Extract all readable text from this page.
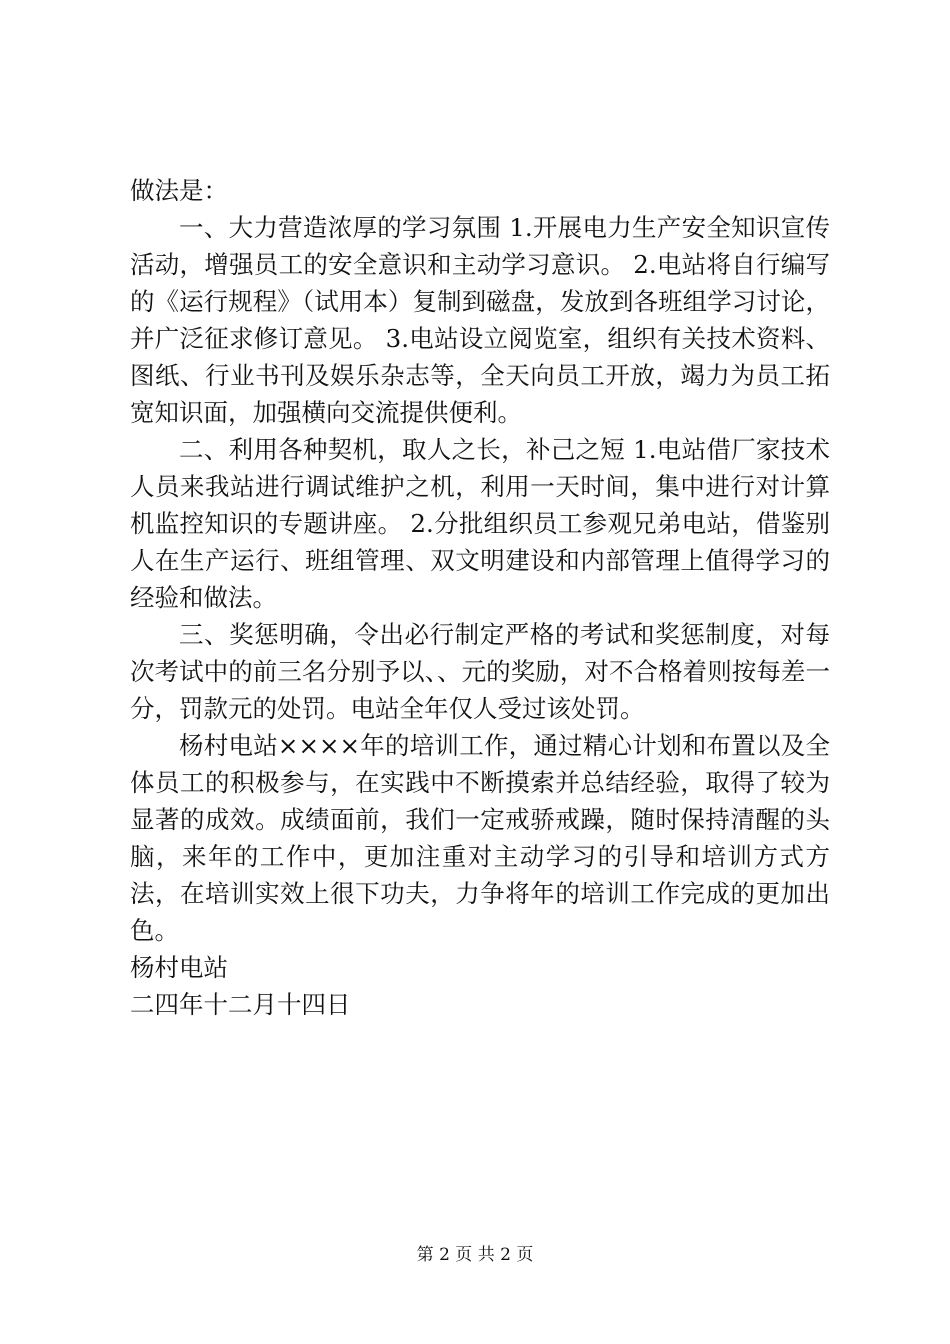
做法是：

一、大力营造浓厚的学习氛围 1.开展电力生产安全知识宣传活动，增强员工的安全意识和主动学习意识。 2.电站将自行编写的《运行规程》（试用本）复制到磁盘，发放到各班组学习讨论，并广泛征求修订意见。 3.电站设立阅览室，组织有关技术资料、图纸、行业书刊及娱乐杂志等，全天向员工开放，竭力为员工拓宽知识面，加强横向交流提供便利。

二、利用各种契机，取人之长，补己之短 1.电站借厂家技术人员来我站进行调试维护之机，利用一天时间，集中进行对计算机监控知识的专题讲座。 2.分批组织员工参观兄弟电站，借鉴别人在生产运行、班组管理、双文明建设和内部管理上值得学习的经验和做法。

三、奖惩明确，令出必行制定严格的考试和奖惩制度，对每次考试中的前三名分别予以、、元的奖励，对不合格着则按每差一分，罚款元的处罚。电站全年仅人受过该处罚。

杨村电站××××年的培训工作，通过精心计划和布置以及全体员工的积极参与，在实践中不断摸索并总结经验，取得了较为显著的成效。成绩面前，我们一定戒骄戒躁，随时保持清醒的头脑，来年的工作中，更加注重对主动学习的引导和培训方式方法，在培训实效上很下功夫，力争将年的培训工作完成的更加出色。

杨村电站

二四年十二月十四日

第 2 页 共 2 页
